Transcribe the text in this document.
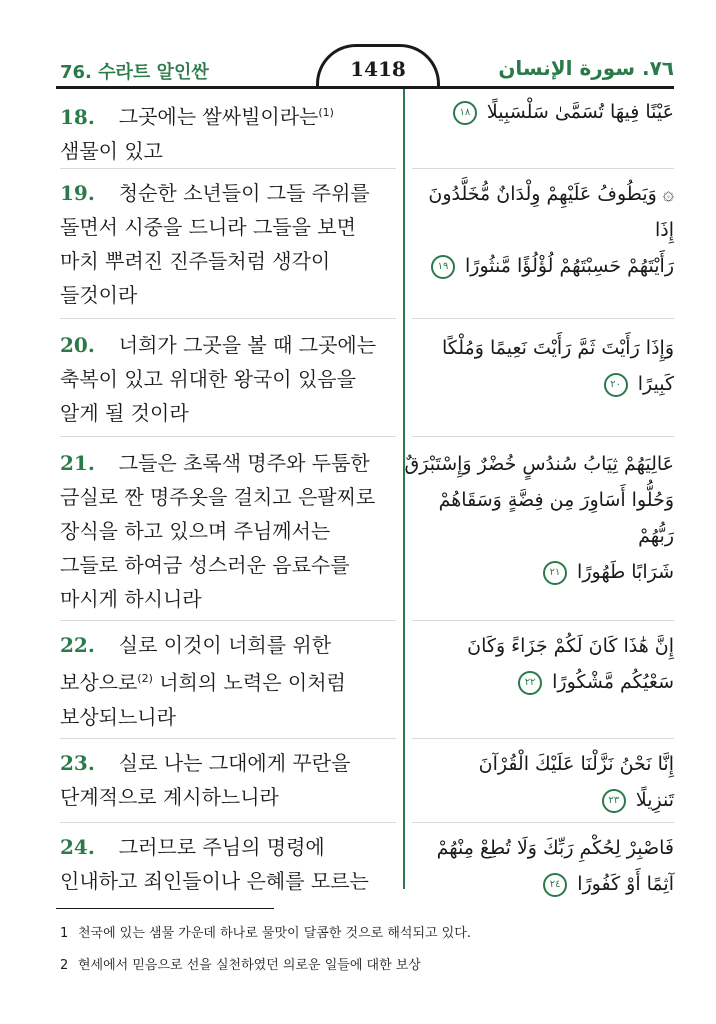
76. 수라트 알인싼	1418	٧٦. سورة الإنسان
18. 그곳에는 쌀싸빌이라는$^{(1)}$
샘물이 있고
عَيْنًا فِيهَا تُسَمَّىٰ سَلْسَبِيلًا ١٨
19. 청순한 소년들이 그들 주위를
돌면서 시중을 드니라 그들을 보면
마치 뿌려진 진주들처럼 생각이
들것이라
۞ وَيَطُوفُ عَلَيْهِمْ وِلْدَانٌ مُّخَلَّدُونَ إِذَا
رَأَيْتَهُمْ حَسِبْتَهُمْ لُؤْلُؤًا مَّنثُورًا ١٩
20. 너희가 그곳을 볼 때 그곳에는
축복이 있고 위대한 왕국이 있음을
알게 될 것이라
وَإِذَا رَأَيْتَ ثَمَّ رَأَيْتَ نَعِيمًا وَمُلْكًا
كَبِيرًا ٢٠
21. 그들은 초록색 명주와 두툼한
금실로 짠 명주옷을 걸치고 은팔찌로
장식을 하고 있으며 주님께서는
그들로 하여금 성스러운 음료수를
마시게 하시니라
عَالِيَهُمْ ثِيَابُ سُندُسٍ خُضْرٌ وَإِسْتَبْرَقٌ
وَحُلُّوا أَسَاوِرَ مِن فِضَّةٍ وَسَقَاهُمْ رَبُّهُمْ
شَرَابًا طَهُورًا ٢١
22. 실로 이것이 너희를 위한
보상으로$^{(2)}$ 너희의 노력은 이처럼
보상되느니라
إِنَّ هَٰذَا كَانَ لَكُمْ جَزَاءً وَكَانَ
سَعْيُكُم مَّشْكُورًا ٢٢
23. 실로 나는 그대에게 꾸란을
단계적으로 계시하느니라
إِنَّا نَحْنُ نَزَّلْنَا عَلَيْكَ الْقُرْآنَ
تَنزِيلًا ٢٣
24. 그러므로 주님의 명령에
인내하고 죄인들이나 은혜를 모르는
فَاصْبِرْ لِحُكْمِ رَبِّكَ وَلَا تُطِعْ مِنْهُمْ
آثِمًا أَوْ كَفُورًا ٢٤
1 천국에 있는 샘물 가운데 하나로 물맛이 달콤한 것으로 해석되고 있다.
2 현세에서 믿음으로 선을 실천하였던 의로운 일들에 대한 보상
